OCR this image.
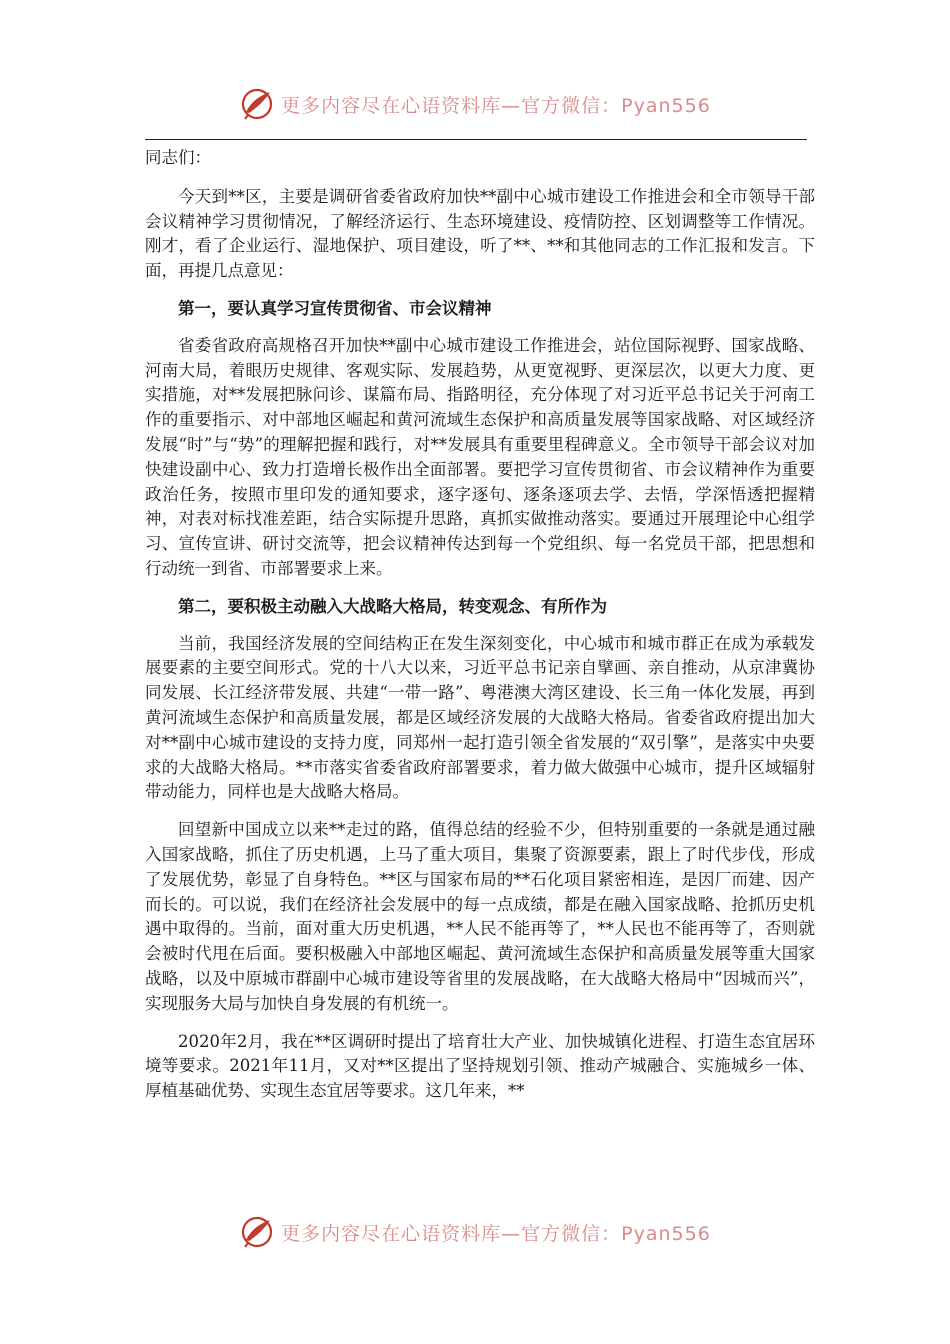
更多内容尽在心语资料库—官方微信：Pyan556

同志们：

今天到**区，主要是调研省委省政府加快**副中心城市建设工作推进会和全市领导干部会议精神学习贯彻情况，了解经济运行、生态环境建设、疫情防控、区划调整等工作情况。刚才，看了企业运行、湿地保护、项目建设，听了**、**和其他同志的工作汇报和发言。下面，再提几点意见：

第一，要认真学习宣传贯彻省、市会议精神

省委省政府高规格召开加快**副中心城市建设工作推进会，站位国际视野、国家战略、河南大局，着眼历史规律、客观实际、发展趋势，从更宽视野、更深层次，以更大力度、更实措施，对**发展把脉问诊、谋篇布局、指路明径，充分体现了对习近平总书记关于河南工作的重要指示、对中部地区崛起和黄河流域生态保护和高质量发展等国家战略、对区域经济发展“时”与“势”的理解把握和践行，对**发展具有重要里程碑意义。全市领导干部会议对加快建设副中心、致力打造增长极作出全面部署。要把学习宣传贯彻省、市会议精神作为重要政治任务，按照市里印发的通知要求，逐字逐句、逐条逐项去学、去悟，学深悟透把握精神，对表对标找准差距，结合实际提升思路，真抓实做推动落实。要通过开展理论中心组学习、宣传宣讲、研讨交流等，把会议精神传达到每一个党组织、每一名党员干部，把思想和行动统一到省、市部署要求上来。

第二，要积极主动融入大战略大格局，转变观念、有所作为

当前，我国经济发展的空间结构正在发生深刻变化，中心城市和城市群正在成为承载发展要素的主要空间形式。党的十八大以来，习近平总书记亲自擘画、亲自推动，从京津冀协同发展、长江经济带发展、共建“一带一路”、粤港澳大湾区建设、长三角一体化发展，再到黄河流域生态保护和高质量发展，都是区域经济发展的大战略大格局。省委省政府提出加大对**副中心城市建设的支持力度，同郑州一起打造引领全省发展的“双引擎”，是落实中央要求的大战略大格局。**市落实省委省政府部署要求，着力做大做强中心城市，提升区域辐射带动能力，同样也是大战略大格局。

回望新中国成立以来**走过的路，值得总结的经验不少，但特别重要的一条就是通过融入国家战略，抓住了历史机遇，上马了重大项目，集聚了资源要素，跟上了时代步伐，形成了发展优势，彰显了自身特色。**区与国家布局的**石化项目紧密相连，是因厂而建、因产而长的。可以说，我们在经济社会发展中的每一点成绩，都是在融入国家战略、抢抓历史机遇中取得的。当前，面对重大历史机遇，**人民不能再等了，**人民也不能再等了，否则就会被时代甩在后面。要积极融入中部地区崛起、黄河流域生态保护和高质量发展等重大国家战略，以及中原城市群副中心城市建设等省里的发展战略，在大战略大格局中“因城而兴”，实现服务大局与加快自身发展的有机统一。

2020年2月，我在**区调研时提出了培育壮大产业、加快城镇化进程、打造生态宜居环境等要求。2021年11月，又对**区提出了坚持规划引领、推动产城融合、实施城乡一体、厚植基础优势、实现生态宜居等要求。这几年来，**

更多内容尽在心语资料库—官方微信：Pyan556
